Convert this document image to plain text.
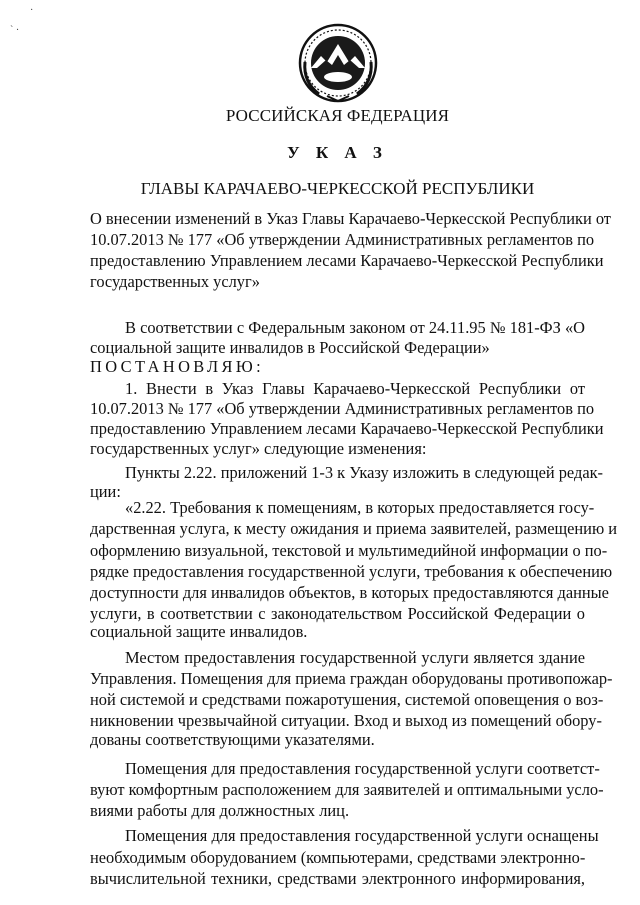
·
` ·
РОССИЙСКАЯ ФЕДЕРАЦИЯ
У К А З
ГЛАВЫ КАРАЧАЕВО-ЧЕРКЕССКОЙ РЕСПУБЛИКИ
О внесении изменений в Указ Главы Карачаево-Черкесской Республики от
10.07.2013 № 177 «Об утверждении Административных регламентов по
предоставлению Управлением лесами Карачаево-Черкесской Республики
государственных услуг»
В соответствии с Федеральным законом от 24.11.95 № 181-ФЗ «О
социальной защите инвалидов в Российской Федерации»
ПОСТАНОВЛЯЮ:
1. Внести в Указ Главы Карачаево-Черкесской Республики от
10.07.2013 № 177 «Об утверждении Административных регламентов по
предоставлению Управлением лесами Карачаево-Черкесской Республики
государственных услуг» следующие изменения:
Пункты 2.22. приложений 1-3 к Указу изложить в следующей редак-
ции:
«2.22. Требования к помещениям, в которых предоставляется госу-
дарственная услуга, к месту ожидания и приема заявителей, размещению и
оформлению визуальной, текстовой и мультимедийной информации о по-
рядке предоставления государственной услуги, требования к обеспечению
доступности для инвалидов объектов, в которых предоставляются данные
услуги, в соответствии с законодательством Российской Федерации о
социальной защите инвалидов.
Местом предоставления государственной услуги является здание
Управления. Помещения для приема граждан оборудованы противопожар-
ной системой и средствами пожаротушения, системой оповещения о воз-
никновении чрезвычайной ситуации. Вход и выход из помещений обору-
дованы соответствующими указателями.
Помещения для предоставления государственной услуги соответст-
вуют комфортным расположением для заявителей и оптимальными усло-
виями работы для должностных лиц.
Помещения для предоставления государственной услуги оснащены
необходимым оборудованием (компьютерами, средствами электронно-
вычислительной техники, средствами электронного информирования,
